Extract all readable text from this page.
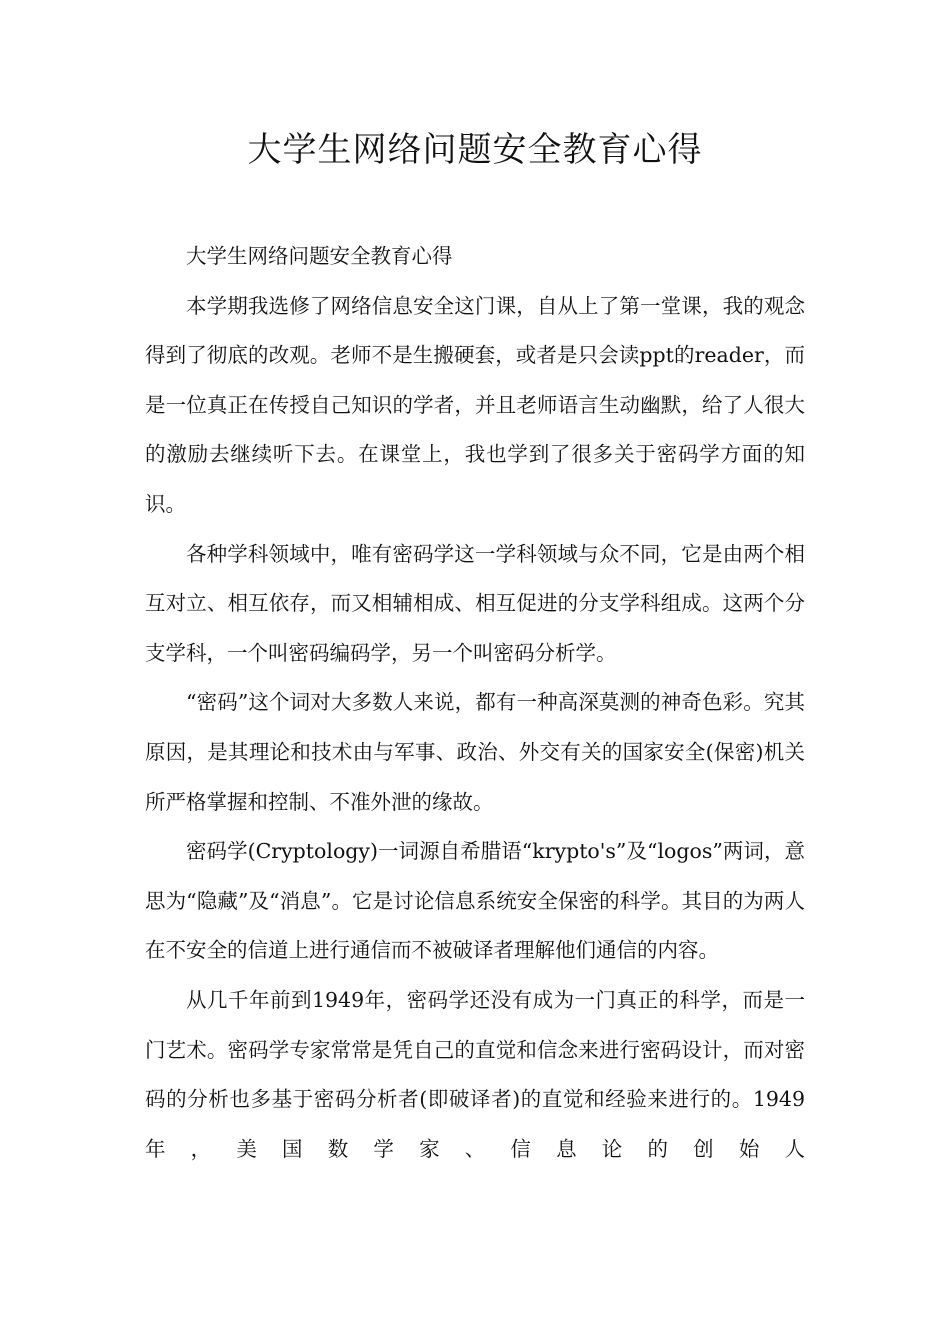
大学生网络问题安全教育心得

大学生网络问题安全教育心得

本学期我选修了网络信息安全这门课，自从上了第一堂课，我的观念得到了彻底的改观。老师不是生搬硬套，或者是只会读ppt的reader，而是一位真正在传授自己知识的学者，并且老师语言生动幽默，给了人很大的激励去继续听下去。在课堂上，我也学到了很多关于密码学方面的知识。

各种学科领域中，唯有密码学这一学科领域与众不同，它是由两个相互对立、相互依存，而又相辅相成、相互促进的分支学科组成。这两个分支学科，一个叫密码编码学，另一个叫密码分析学。

“密码”这个词对大多数人来说，都有一种高深莫测的神奇色彩。究其原因，是其理论和技术由与军事、政治、外交有关的国家安全(保密)机关所严格掌握和控制、不准外泄的缘故。

密码学(Cryptology)一词源自希腊语“krypto's”及“logos”两词，意思为“隐藏”及“消息”。它是讨论信息系统安全保密的科学。其目的为两人在不安全的信道上进行通信而不被破译者理解他们通信的内容。

从几千年前到1949年，密码学还没有成为一门真正的科学，而是一门艺术。密码学专家常常是凭自己的直觉和信念来进行密码设计，而对密码的分析也多基于密码分析者(即破译者)的直觉和经验来进行的。1949年，美国数学家、信息论的创始人
